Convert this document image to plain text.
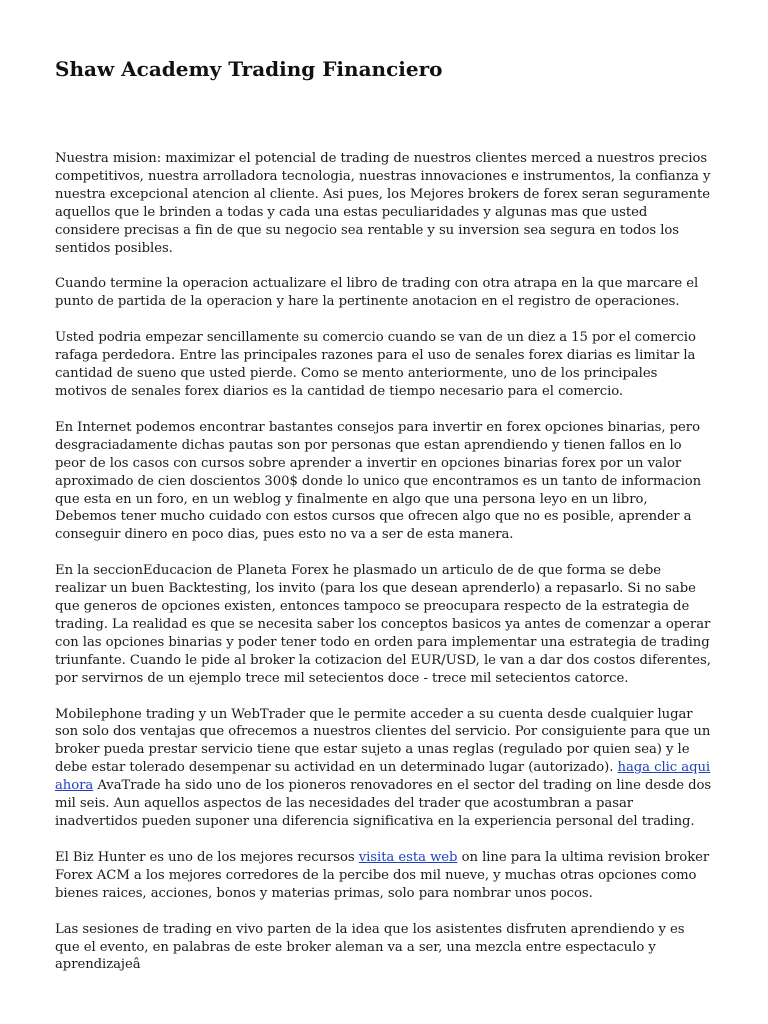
Shaw Academy Trading Financiero

Nuestra mision: maximizar el potencial de trading de nuestros clientes merced a nuestros precios competitivos, nuestra arrolladora tecnologia, nuestras innovaciones e instrumentos, la confianza y nuestra excepcional atencion al cliente. Asi pues, los Mejores brokers de forex seran seguramente aquellos que le brinden a todas y cada una estas peculiaridades y algunas mas que usted considere precisas a fin de que su negocio sea rentable y su inversion sea segura en todos los sentidos posibles.

Cuando termine la operacion actualizare el libro de trading con otra atrapa en la que marcare el punto de partida de la operacion y hare la pertinente anotacion en el registro de operaciones.

Usted podria empezar sencillamente su comercio cuando se van de un diez a 15 por el comercio rafaga perdedora. Entre las principales razones para el uso de senales forex diarias es limitar la cantidad de sueno que usted pierde. Como se mento anteriormente, uno de los principales motivos de senales forex diarios es la cantidad de tiempo necesario para el comercio.

En Internet podemos encontrar bastantes consejos para invertir en forex opciones binarias, pero desgraciadamente dichas pautas son por personas que estan aprendiendo y tienen fallos en lo peor de los casos con cursos sobre aprender a invertir en opciones binarias forex por un valor aproximado de cien doscientos 300$ donde lo unico que encontramos es un tanto de informacion que esta en un foro, en un weblog y finalmente en algo que una persona leyo en un libro, Debemos tener mucho cuidado con estos cursos que ofrecen algo que no es posible, aprender a conseguir dinero en poco dias, pues esto no va a ser de esta manera.

En la seccionEducacion de Planeta Forex he plasmado un articulo de de que forma se debe realizar un buen Backtesting, los invito (para los que desean aprenderlo) a repasarlo. Si no sabe que generos de opciones existen, entonces tampoco se preocupara respecto de la estrategia de trading. La realidad es que se necesita saber los conceptos basicos ya antes de comenzar a operar con las opciones binarias y poder tener todo en orden para implementar una estrategia de trading triunfante. Cuando le pide al broker la cotizacion del EUR/USD, le van a dar dos costos diferentes, por servirnos de un ejemplo trece mil setecientos doce - trece mil setecientos catorce.

Mobilephone trading y un WebTrader que le permite acceder a su cuenta desde cualquier lugar son solo dos ventajas que ofrecemos a nuestros clientes del servicio. Por consiguiente para que un broker pueda prestar servicio tiene que estar sujeto a unas reglas (regulado por quien sea) y le debe estar tolerado desempenar su actividad en un determinado lugar (autorizado). haga clic aqui ahora AvaTrade ha sido uno de los pioneros renovadores en el sector del trading on line desde dos mil seis. Aun aquellos aspectos de las necesidades del trader que acostumbran a pasar inadvertidos pueden suponer una diferencia significativa en la experiencia personal del trading.

El Biz Hunter es uno de los mejores recursos visita esta web on line para la ultima revision broker Forex ACM a los mejores corredores de la percibe dos mil nueve, y muchas otras opciones como bienes raices, acciones, bonos y materias primas, solo para nombrar unos pocos.

Las sesiones de trading en vivo parten de la idea que los asistentes disfruten aprendiendo y es que el evento, en palabras de este broker aleman va a ser, una mezcla entre espectaculo y aprendizajeâ
